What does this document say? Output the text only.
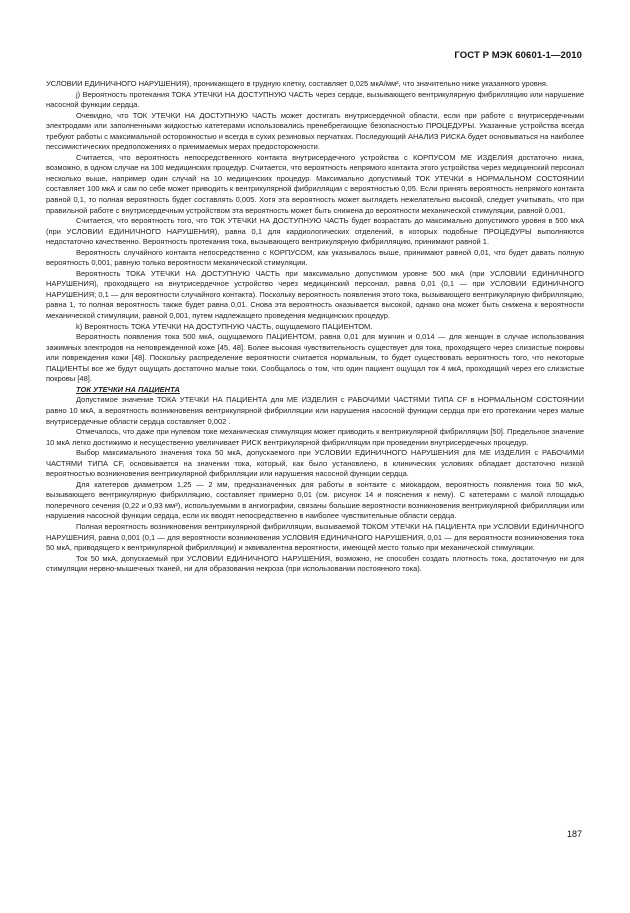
ГОСТ Р МЭК 60601-1—2010

УСЛОВИИ ЕДИНИЧНОГО НАРУШЕНИЯ), проникающего в грудную клетку, составляет 0,025 мкА/мм², что значительно ниже указанного уровня.

j) Вероятность протекания ТОКА УТЕЧКИ НА ДОСТУПНУЮ ЧАСТЬ через сердце, вызывающего вентрикулярную фибрилляцию или нарушение насосной функции сердца.

Очевидно, что ТОК УТЕЧКИ НА ДОСТУПНУЮ ЧАСТЬ может достигать внутрисердечной области, если при работе с внутрисердечными электродами или заполненными жидкостью катетерами использовались пренебрегающие безопасностью ПРОЦЕДУРЫ. Указанные устройства всегда требуют работы с максимальной осторожностью и всегда в сухих резиновых перчатках. Последующий АНАЛИЗ РИСКА будет основываться на наиболее пессимистических предположениях о принимаемых мерах предосторожности.

Считается, что вероятность непосредственного контакта внутрисердечного устройства с КОРПУСОМ МЕ ИЗДЕЛИЯ достаточно низка, возможно, в одном случае на 100 медицинских процедур. Считается, что вероятность непрямого контакта этого устройства через медицинский персонал несколько выше, например один случай на 10 медицинских процедур. Максимально допустимый ТОК УТЕЧКИ в НОРМАЛЬНОМ СОСТОЯНИИ составляет 100 мкА и сам по себе может приводить к вентрикулярной фибрилляции с вероятностью 0,05. Если принять вероятность непрямого контакта равной 0,1, то полная вероятность будет составлять 0,005. Хотя эта вероятность может выглядеть нежелательно высокой, следует учитывать, что при правильной работе с внутрисердечным устройством эта вероятность может быть снижена до вероятности механической стимуляции, равной 0,001.

Считается, что вероятность того, что ТОК УТЕЧКИ НА ДОСТУПНУЮ ЧАСТЬ будет возрастать до максимально допустимого уровня в 500 мкА (при УСЛОВИИ ЕДИНИЧНОГО НАРУШЕНИЯ), равна 0,1 для кардиологических отделений, в которых подобные ПРОЦЕДУРЫ выполняются недостаточно качественно. Вероятность протекания тока, вызывающего вентрикулярную фибрилляцию, принимают равной 1.

Вероятность случайного контакта непосредственно с КОРПУСОМ, как указывалось выше, принимают равной 0,01, что будет давать полную вероятность 0,001, равную только вероятности механической стимуляции.

Вероятность ТОКА УТЕЧКИ НА ДОСТУПНУЮ ЧАСТЬ при максимально допустимом уровне 500 мкА (при УСЛОВИИ ЕДИНИЧНОГО НАРУШЕНИЯ), проходящего на внутрисердечное устройство через медицинский персонал, равна 0,01 (0,1 — при УСЛОВИИ ЕДИНИЧНОГО НАРУШЕНИЯ; 0,1 — для вероятности случайного контакта). Поскольку вероятность появления этого тока, вызывающего вентрикулярную фибрилляцию, равна 1, то полная вероятность также будет равна 0,01. Снова эта вероятность оказывается высокой, однако она может быть снижена к вероятности механической стимуляции, равной 0,001, путем надлежащего проведения медицинских процедур.

k) Вероятность ТОКА УТЕЧКИ НА ДОСТУПНУЮ ЧАСТЬ, ощущаемого ПАЦИЕНТОМ.

Вероятность появления тока 500 мкА, ощущаемого ПАЦИЕНТОМ, равна 0,01 для мужчин и 0,014 — для женщин в случае использования зажимных электродов на неповрежденной коже [45, 48]. Более высокая чувствительность существует для тока, проходящего через слизистые покровы или повреждения кожи [48]. Поскольку распределение вероятности считается нормальным, то будет существовать вероятность того, что некоторые ПАЦИЕНТЫ все же будут ощущать достаточно малые токи. Сообщалось о том, что один пациент ощущал ток 4 мкА, проходящий через его слизистые покровы [48].

ТОК УТЕЧКИ НА ПАЦИЕНТА

Допустимое значение ТОКА УТЕЧКИ НА ПАЦИЕНТА для МЕ ИЗДЕЛИЯ с РАБОЧИМИ ЧАСТЯМИ ТИПА CF в НОРМАЛЬНОМ СОСТОЯНИИ равно 10 мкА, а вероятность возникновения вентрикулярной фибрилляции или нарушения насосной функции сердца при его протекании через малые внутрисердечные области сердца составляет 0,002 .

Отмечалось, что даже при нулевом токе механическая стимуляция может приводить к вентрикулярной фибрилляции [50]. Предельное значение 10 мкА легко достижимо и несущественно увеличивает РИСК вентрикулярной фибрилляции при проведении внутрисердечных процедур.

Выбор максимального значения тока 50 мкА, допускаемого при УСЛОВИИ ЕДИНИЧНОГО НАРУШЕНИЯ для МЕ ИЗДЕЛИЯ с РАБОЧИМИ ЧАСТЯМИ ТИПА CF, основывается на значении тока, который, как было установлено, в клинических условиях обладает достаточно низкой вероятностью возникновения вентрикулярной фибрилляции или нарушения насосной функции сердца.

Для катетеров диаметром 1,25 — 2 мм, предназначенных для работы в контакте с миокардом, вероятность появления тока 50 мкА, вызывающего вентрикулярную фибрилляцию, составляет примерно 0,01 (см. рисунок 14 и пояснения к нему). С катетерами с малой площадью поперечного сечения (0,22 и 0,93 мм²), используемыми в ангиографии, связаны большие вероятности возникновения вентрикулярной фибрилляции или нарушения насосной функции сердца, если их вводят непосредственно в наиболее чувствительные области сердца.

Полная вероятность возникновения вентрикулярной фибрилляции, вызываемой ТОКОМ УТЕЧКИ НА ПАЦИЕНТА при УСЛОВИИ ЕДИНИЧНОГО НАРУШЕНИЯ, равна 0,001 (0,1 — для вероятности возникновения УСЛОВИЯ ЕДИНИЧНОГО НАРУШЕНИЯ, 0,01 — для вероятности возникновения тока 50 мкА, приводящего к вентрикулярной фибрилляции) и эквивалентна вероятности, имеющей место только при механической стимуляции.

Ток 50 мкА, допускаемый при УСЛОВИИ ЕДИНИЧНОГО НАРУШЕНИЯ, возможно, не способен создать плотность тока, достаточную ни для стимуляции нервно-мышечных тканей, ни для образования некроза (при использовании постоянного тока).

187
